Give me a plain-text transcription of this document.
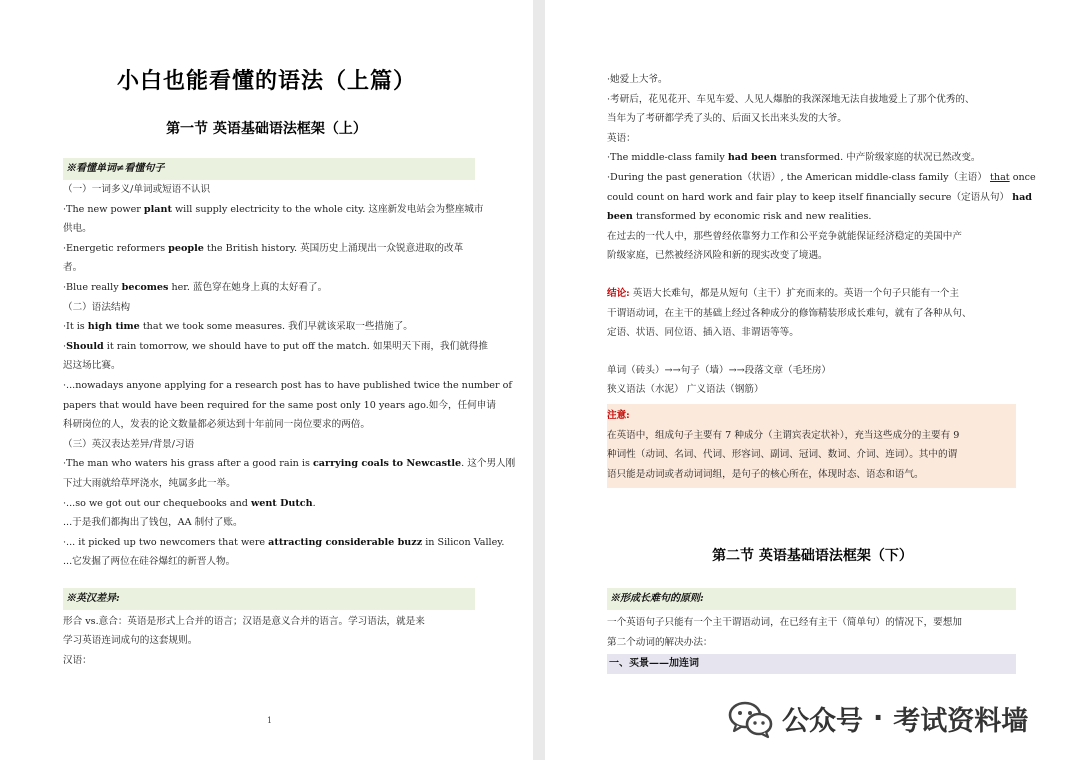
小白也能看懂的语法（上篇）
第一节 英语基础语法框架（上）
※看懂单词≠看懂句子
（一）一词多义/单词或短语不认识
·The new power plant will supply electricity to the whole city. 这座新发电站会为整座城市
供电。
·Energetic reformers people the British history. 英国历史上涌现出一众锐意进取的改革
者。
·Blue really becomes her. 蓝色穿在她身上真的太好看了。
（二）语法结构
·It is high time that we took some measures. 我们早就该采取一些措施了。
·Should it rain tomorrow, we should have to put off the match. 如果明天下雨，我们就得推
迟这场比赛。
·...nowadays anyone applying for a research post has to have published twice the number of
papers that would have been required for the same post only 10 years ago.如今，任何申请
科研岗位的人，发表的论文数量都必须达到十年前同一岗位要求的两倍。
（三）英汉表达差异/背景/习语
·The man who waters his grass after a good rain is carrying coals to Newcastle. 这个男人刚
下过大雨就给草坪浇水，纯属多此一举。
·...so we got out our chequebooks and went Dutch.
...于是我们都掏出了钱包，AA 制付了账。
·... it picked up two newcomers that were attracting considerable buzz in Silicon Valley.
...它发掘了两位在硅谷爆红的新晋人物。
※英汉差异:
形合 vs.意合：英语是形式上合并的语言；汉语是意义合并的语言。学习语法，就是来
学习英语连词成句的这套规则。
汉语：
1
·她爱上大爷。
·考研后，花见花开、车见车爱、人见人爆胎的我深深地无法自拔地爱上了那个优秀的、
当年为了考研都学秃了头的、后面又长出来头发的大爷。
英语：
·The middle-class family had been transformed. 中产阶级家庭的状况已然改变。
·During the past generation（状语）, the American middle-class family（主语） that once
could count on hard work and fair play to keep itself financially secure（定语从句） had
been transformed by economic risk and new realities.
在过去的一代人中，那些曾经依靠努力工作和公平竞争就能保证经济稳定的美国中产
阶级家庭，已然被经济风险和新的现实改变了境遇。
结论: 英语大长难句，都是从短句（主干）扩充而来的。英语一个句子只能有一个主
干谓语动词，在主干的基础上经过各种成分的修饰精装形成长难句，就有了各种从句、
定语、状语、同位语、插入语、非谓语等等。
单词（砖头）→→句子（墙）→→段落文章（毛坯房）
狭义语法（水泥） 广义语法（钢筋）
注意:
在英语中，组成句子主要有 7 种成分（主谓宾表定状补），充当这些成分的主要有 9
种词性（动词、名词、代词、形容词、副词、冠词、数词、介词、连词）。其中的谓
语只能是动词或者动词词组，是句子的核心所在，体现时态、语态和语气。
第二节 英语基础语法框架（下）
※形成长难句的原则:
一个英语句子只能有一个主干谓语动词，在已经有主干（简单句）的情况下，要想加
第二个动词的解决办法：
一、买景——加连词
公众号 · 考试资料墙
